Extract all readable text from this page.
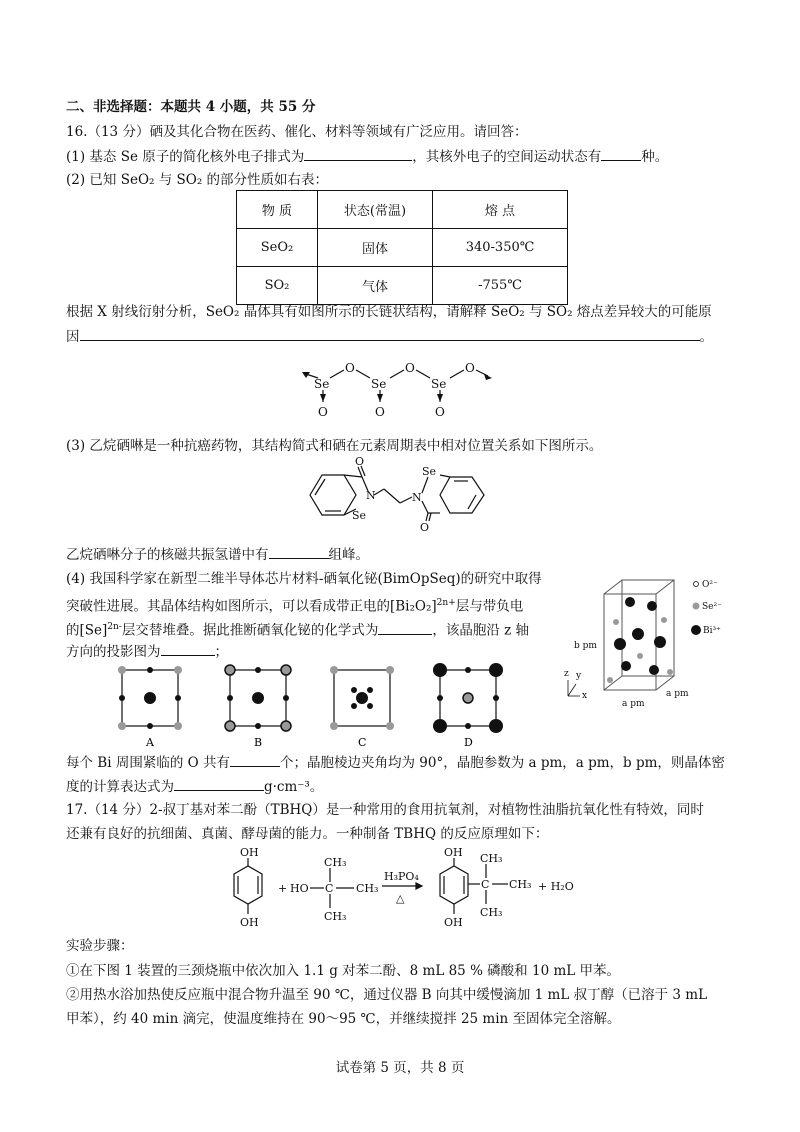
二、非选择题：本题共 4 小题，共 55 分
16.（13 分）硒及其化合物在医药、催化、材料等领域有广泛应用。请回答：
(1) 基态 Se 原子的简化核外电子排式为	，其核外电子的空间运动状态有	种。
(2) 已知 SeO₂ 与 SO₂ 的部分性质如右表：
物 质	状态(常温)	熔 点
SeO₂	固体	340-350℃
SO₂	气体	-755℃
根据 X 射线衍射分析，SeO₂ 晶体具有如图所示的长链状结构，请解释 SeO₂ 与 SO₂ 熔点差异较大的可能原
因	。
Se
O
Se
O
Se
O
O	O	O
(3) 乙烷硒啉是一种抗癌药物，其结构简式和硒在元素周期表中相对位置关系如下图所示。
O
N
Se
N
Se
O
乙烷硒啉分子的核磁共振氢谱中有	组峰。
(4) 我国科学家在新型二维半导体芯片材料-硒氧化铋(BimOpSeq)的研究中取得
突破性进展。其晶体结构如图所示，可以看成带正电的$[Bi_2O_2]^{2n+}$层与带负电
的$[Se]^{2n-}$层交替堆叠。据此推断硒氧化铋的化学式为	，该晶胞沿 z 轴
方向的投影图为	；
O²⁻
Se²⁻
Bi³⁺
b pm
a pm
a pm
z y
x
A	B	C	D
每个 Bi 周围紧临的 O 共有	个；晶胞棱边夹角均为 90°，晶胞参数为 a pm，a pm，b pm，则晶体密
度的计算表达式为	g·cm⁻³。
17.（14 分）2-叔丁基对苯二酚（TBHQ）是一种常用的食用抗氧剂，对植物性油脂抗氧化性有特效，同时
还兼有良好的抗细菌、真菌、酵母菌的能力。一种制备 TBHQ 的反应原理如下：
OH
OH
+ HO C
CH₃
CH₃
CH₃
H₃PO₄
△
OH
OH
C
CH₃
CH₃
CH₃
+ H₂O
实验步骤：
①在下图 1 装置的三颈烧瓶中依次加入 1.1 g 对苯二酚、8 mL 85 % 磷酸和 10 mL 甲苯。
②用热水浴加热使反应瓶中混合物升温至 90 ℃，通过仪器 B 向其中缓慢滴加 1 mL 叔丁醇（已溶于 3 mL
甲苯），约 40 min 滴完，使温度维持在 90～95 ℃，并继续搅拌 25 min 至固体完全溶解。
试卷第 5 页，共 8 页
